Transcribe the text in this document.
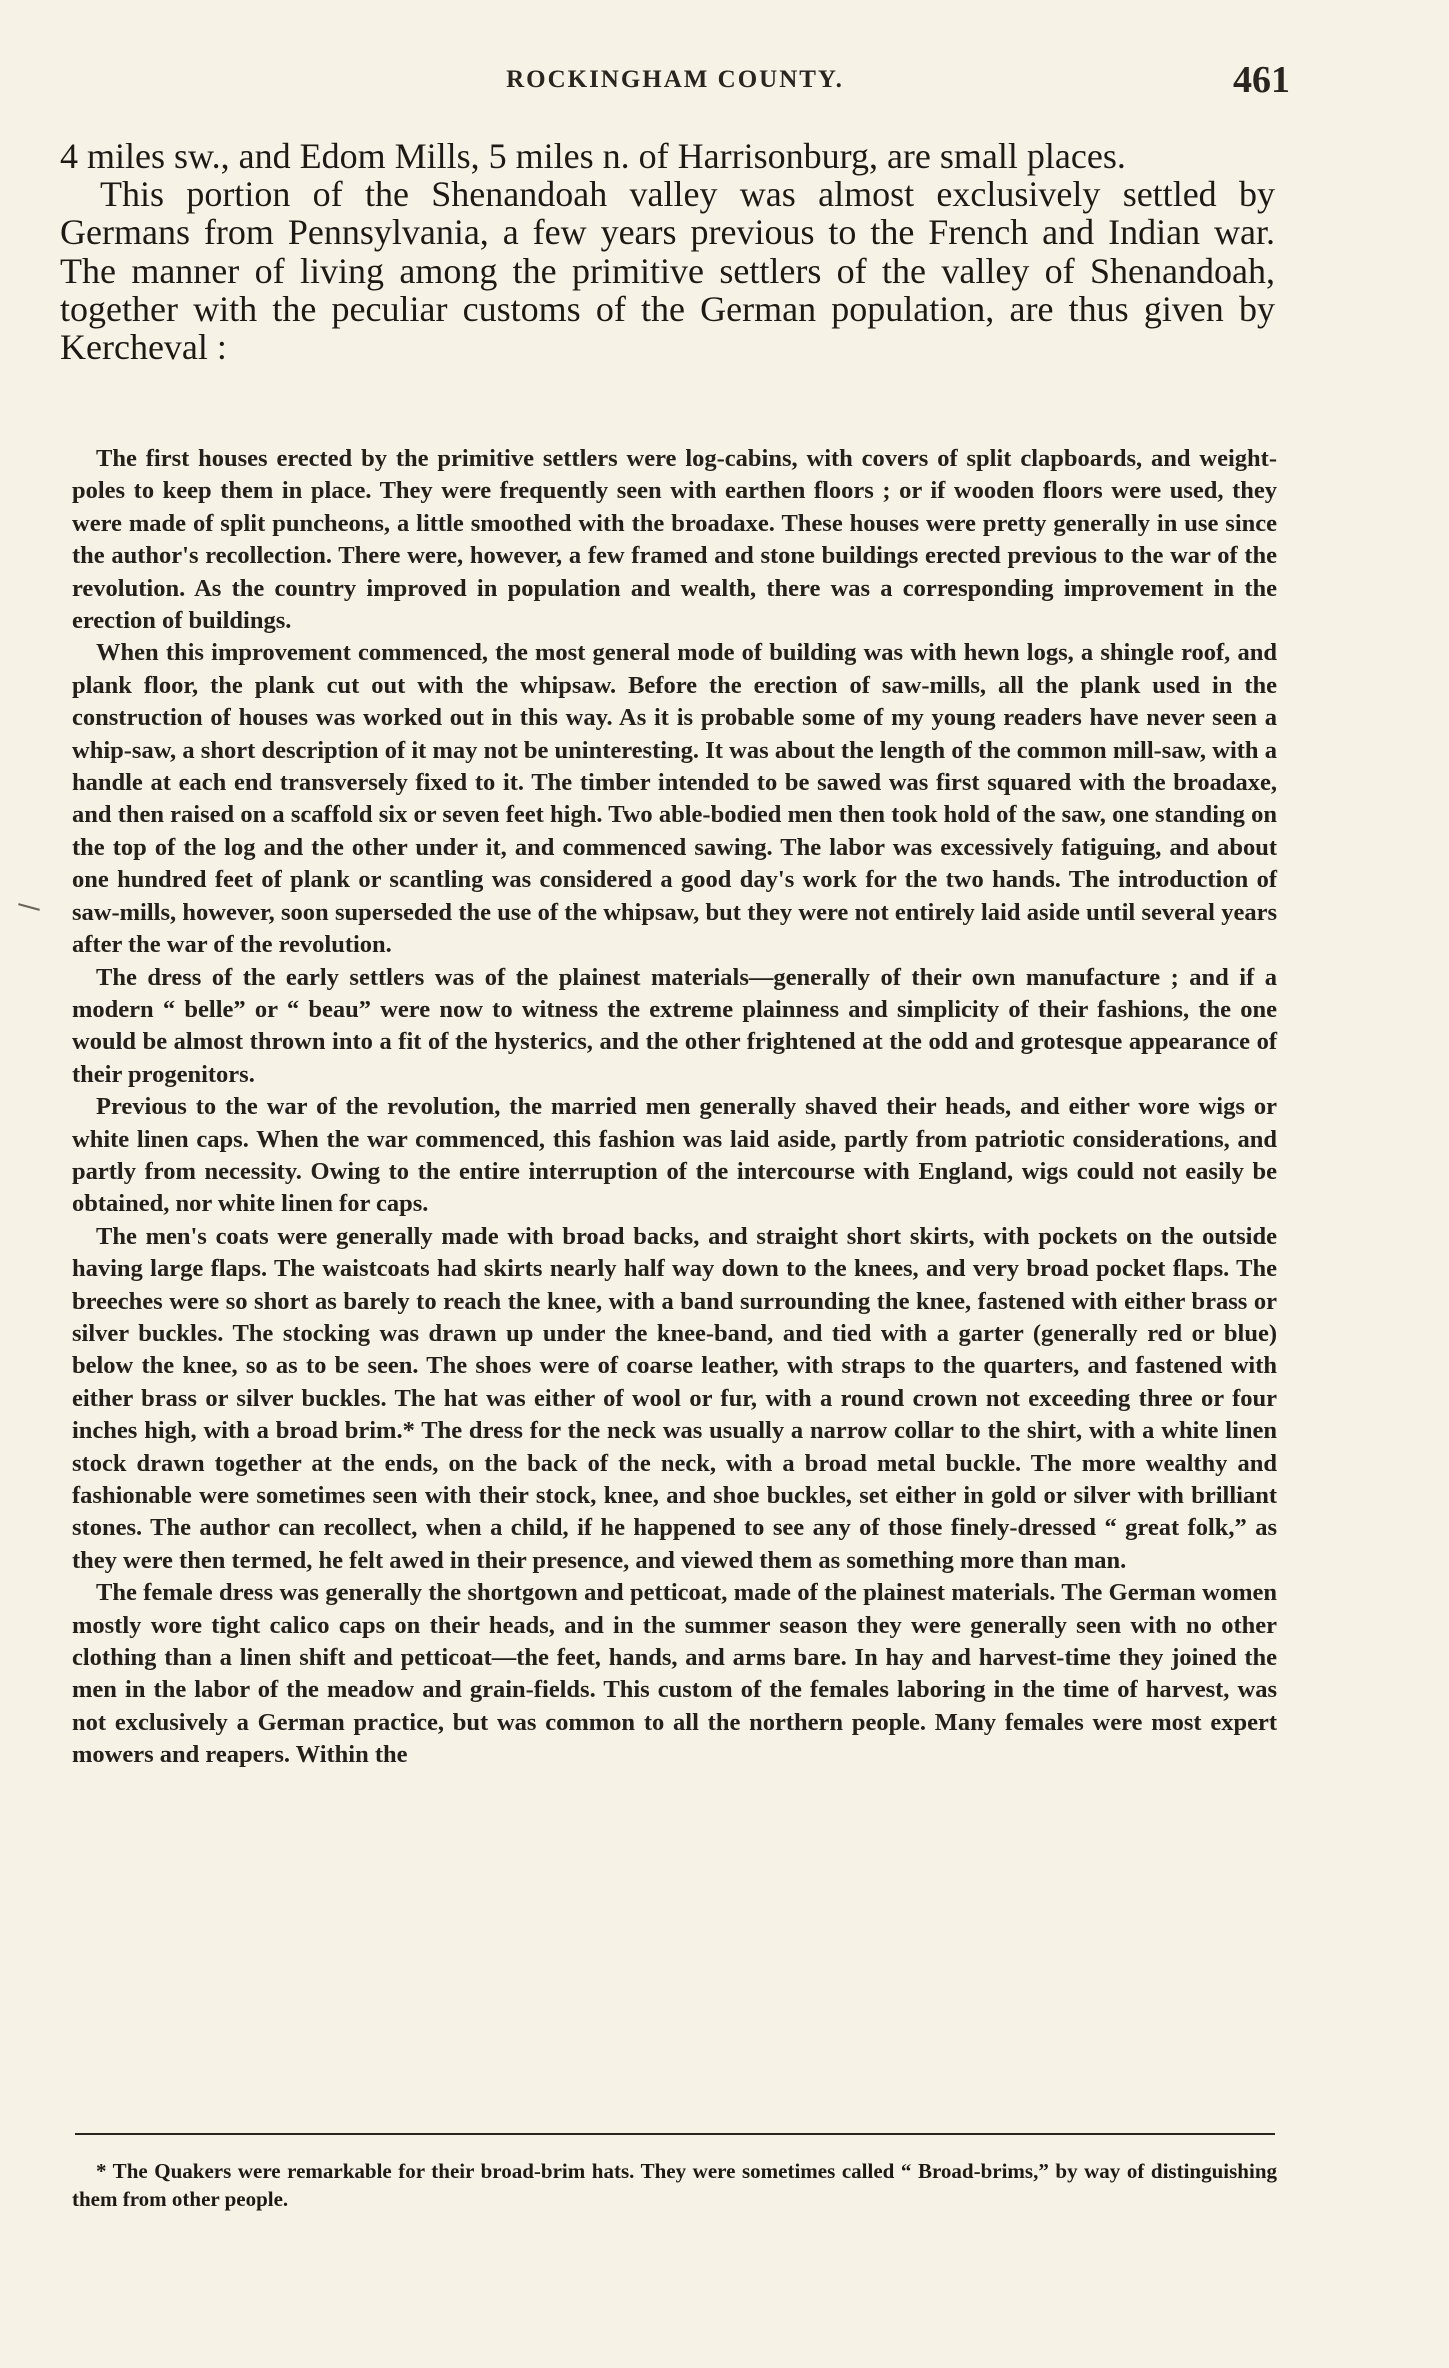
ROCKINGHAM COUNTY.	461

4 miles sw., and Edom Mills, 5 miles n. of Harrisonburg, are small places.

This portion of the Shenandoah valley was almost exclusively settled by Germans from Pennsylvania, a few years previous to the French and Indian war. The manner of living among the primitive settlers of the valley of Shenandoah, together with the peculiar customs of the German population, are thus given by Kercheval :

The first houses erected by the primitive settlers were log-cabins, with covers of split clapboards, and weight-poles to keep them in place. They were frequently seen with earthen floors ; or if wooden floors were used, they were made of split puncheons, a little smoothed with the broadaxe. These houses were pretty generally in use since the author's recollection. There were, however, a few framed and stone buildings erected previous to the war of the revolution. As the country improved in population and wealth, there was a corresponding improvement in the erection of buildings.

When this improvement commenced, the most general mode of building was with hewn logs, a shingle roof, and plank floor, the plank cut out with the whipsaw. Before the erection of saw-mills, all the plank used in the construction of houses was worked out in this way. As it is probable some of my young readers have never seen a whip-saw, a short description of it may not be uninteresting. It was about the length of the common mill-saw, with a handle at each end transversely fixed to it. The timber intended to be sawed was first squared with the broadaxe, and then raised on a scaffold six or seven feet high. Two able-bodied men then took hold of the saw, one standing on the top of the log and the other under it, and commenced sawing. The labor was excessively fatiguing, and about one hundred feet of plank or scantling was considered a good day's work for the two hands. The introduction of saw-mills, however, soon superseded the use of the whipsaw, but they were not entirely laid aside until several years after the war of the revolution.

The dress of the early settlers was of the plainest materials—generally of their own manufacture ; and if a modern “ belle” or “ beau” were now to witness the extreme plainness and simplicity of their fashions, the one would be almost thrown into a fit of the hysterics, and the other frightened at the odd and grotesque appearance of their progenitors.

Previous to the war of the revolution, the married men generally shaved their heads, and either wore wigs or white linen caps. When the war commenced, this fashion was laid aside, partly from patriotic considerations, and partly from necessity. Owing to the entire interruption of the intercourse with England, wigs could not easily be obtained, nor white linen for caps.

The men's coats were generally made with broad backs, and straight short skirts, with pockets on the outside having large flaps. The waistcoats had skirts nearly half way down to the knees, and very broad pocket flaps. The breeches were so short as barely to reach the knee, with a band surrounding the knee, fastened with either brass or silver buckles. The stocking was drawn up under the knee-band, and tied with a garter (generally red or blue) below the knee, so as to be seen. The shoes were of coarse leather, with straps to the quarters, and fastened with either brass or silver buckles. The hat was either of wool or fur, with a round crown not exceeding three or four inches high, with a broad brim.* The dress for the neck was usually a narrow collar to the shirt, with a white linen stock drawn together at the ends, on the back of the neck, with a broad metal buckle. The more wealthy and fashionable were sometimes seen with their stock, knee, and shoe buckles, set either in gold or silver with brilliant stones. The author can recollect, when a child, if he happened to see any of those finely-dressed “ great folk,” as they were then termed, he felt awed in their presence, and viewed them as something more than man.

The female dress was generally the shortgown and petticoat, made of the plainest materials. The German women mostly wore tight calico caps on their heads, and in the summer season they were generally seen with no other clothing than a linen shift and petticoat—the feet, hands, and arms bare. In hay and harvest-time they joined the men in the labor of the meadow and grain-fields. This custom of the females laboring in the time of harvest, was not exclusively a German practice, but was common to all the northern people. Many females were most expert mowers and reapers. Within the

* The Quakers were remarkable for their broad-brim hats. They were sometimes called “ Broad-brims,” by way of distinguishing them from other people.
